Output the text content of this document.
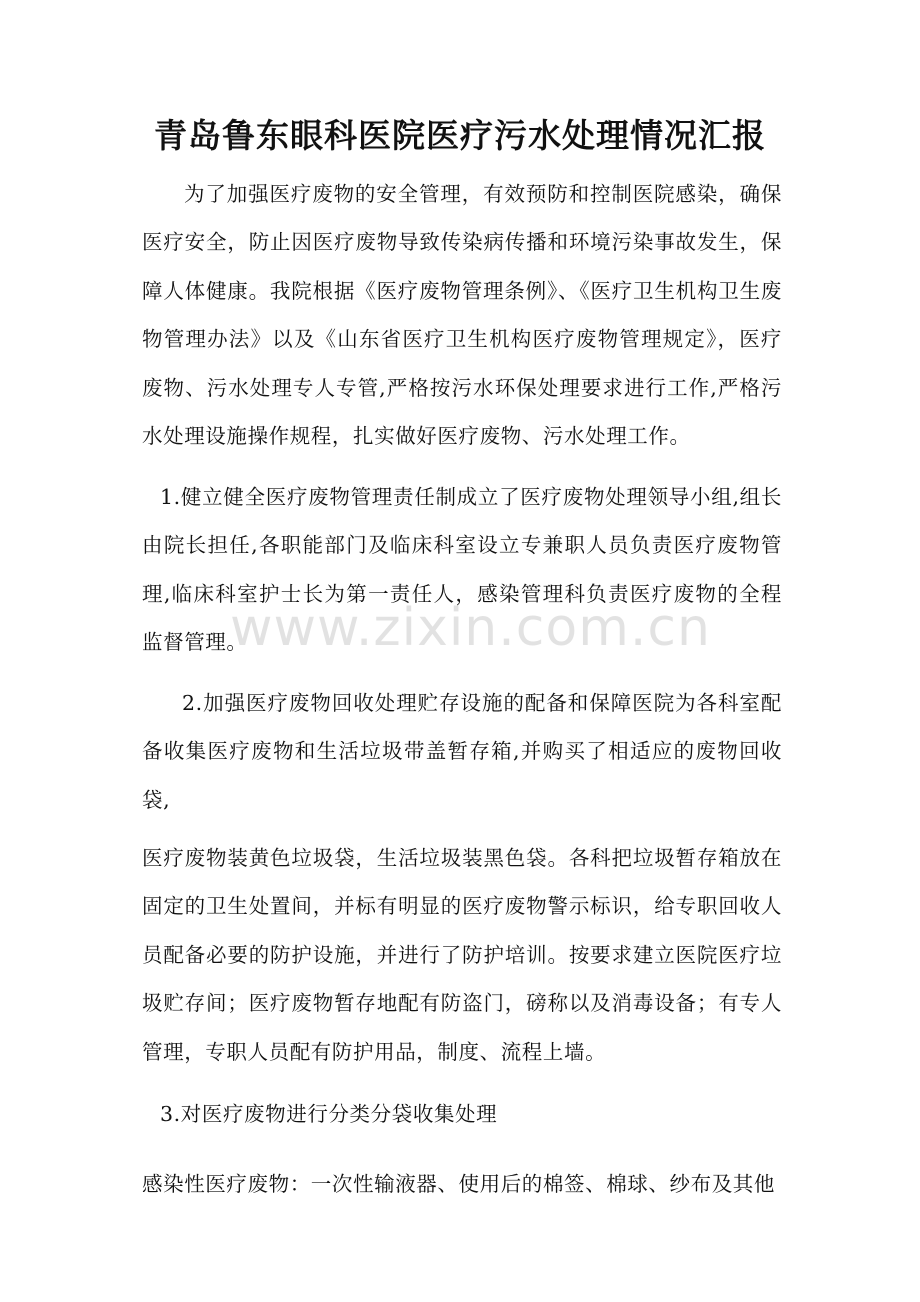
青岛鲁东眼科医院医疗污水处理情况汇报

为了加强医疗废物的安全管理，有效预防和控制医院感染，确保医疗安全，防止因医疗废物导致传染病传播和环境污染事故发生，保障人体健康。我院根据《医疗废物管理条例》、《医疗卫生机构卫生废物管理办法》以及《山东省医疗卫生机构医疗废物管理规定》，医疗废物、污水处理专人专管,严格按污水环保处理要求进行工作,严格污水处理设施操作规程，扎实做好医疗废物、污水处理工作。

1.健立健全医疗废物管理责任制成立了医疗废物处理领导小组,组长由院长担任,各职能部门及临床科室设立专兼职人员负责医疗废物管理,临床科室护士长为第一责任人，感染管理科负责医疗废物的全程监督管理。

2.加强医疗废物回收处理贮存设施的配备和保障医院为各科室配备收集医疗废物和生活垃圾带盖暂存箱,并购买了相适应的废物回收袋,

医疗废物装黄色垃圾袋，生活垃圾装黑色袋。各科把垃圾暂存箱放在固定的卫生处置间，并标有明显的医疗废物警示标识，给专职回收人员配备必要的防护设施，并进行了防护培训。按要求建立医院医疗垃圾贮存间；医疗废物暂存地配有防盗门，磅称以及消毒设备；有专人管理，专职人员配有防护用品，制度、流程上墙。

3.对医疗废物进行分类分袋收集处理

感染性医疗废物：一次性输液器、使用后的棉签、棉球、纱布及其他

www.zixin.com.cn
